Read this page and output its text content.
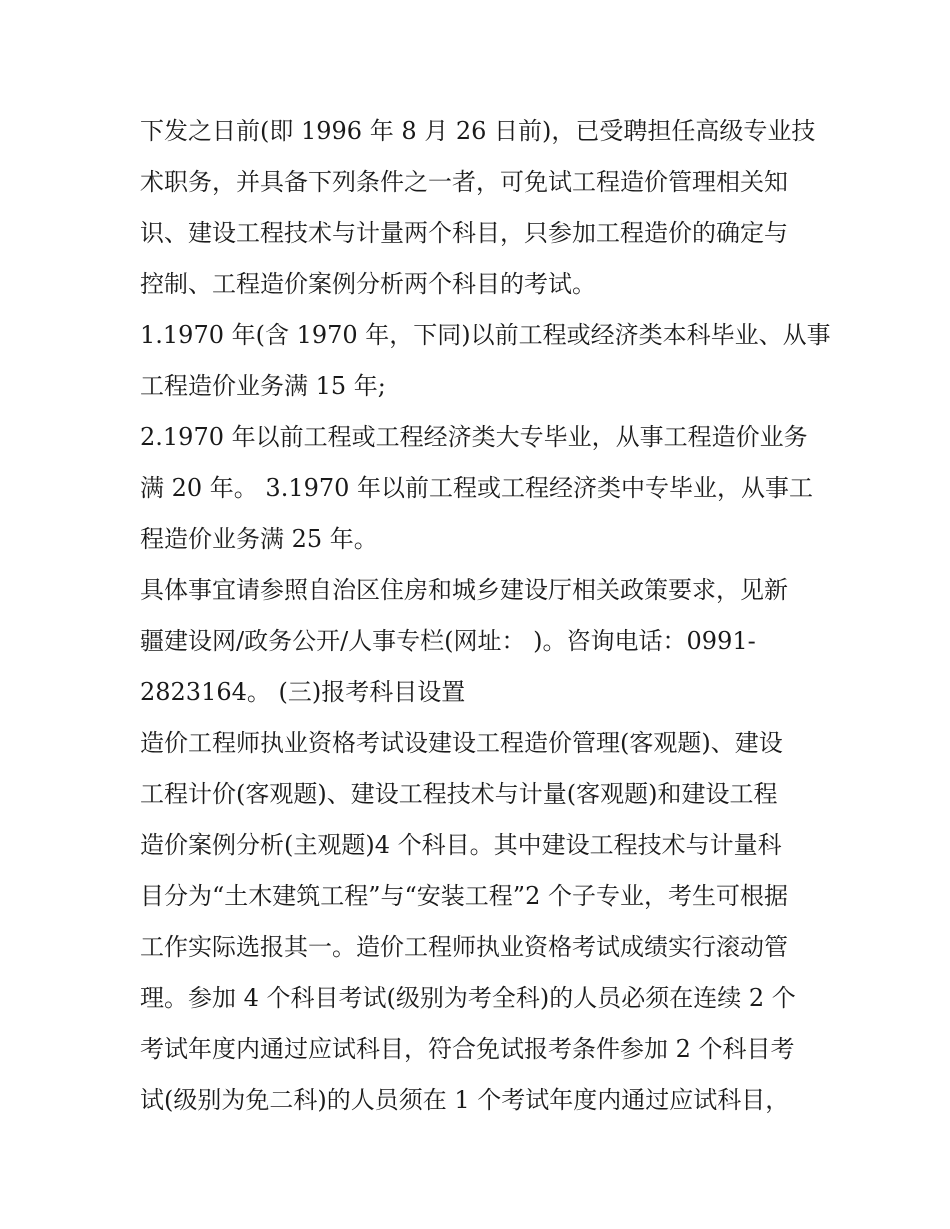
下发之日前(即 1996 年 8 月 26 日前)，已受聘担任高级专业技
术职务，并具备下列条件之一者，可免试工程造价管理相关知
识、建设工程技术与计量两个科目，只参加工程造价的确定与
控制、工程造价案例分析两个科目的考试。
1.1970 年(含 1970 年，下同)以前工程或经济类本科毕业、从事
工程造价业务满 15 年;
2.1970 年以前工程或工程经济类大专毕业，从事工程造价业务
满 20 年。 3.1970 年以前工程或工程经济类中专毕业，从事工
程造价业务满 25 年。
具体事宜请参照自治区住房和城乡建设厅相关政策要求，见新
疆建设网/政务公开/人事专栏(网址： )。咨询电话：0991-
2823164。 (三)报考科目设置
造价工程师执业资格考试设建设工程造价管理(客观题)、建设
工程计价(客观题)、建设工程技术与计量(客观题)和建设工程
造价案例分析(主观题)4 个科目。其中建设工程技术与计量科
目分为“土木建筑工程”与“安装工程”2 个子专业，考生可根据
工作实际选报其一。造价工程师执业资格考试成绩实行滚动管
理。参加 4 个科目考试(级别为考全科)的人员必须在连续 2 个
考试年度内通过应试科目，符合免试报考条件参加 2 个科目考
试(级别为免二科)的人员须在 1 个考试年度内通过应试科目，
